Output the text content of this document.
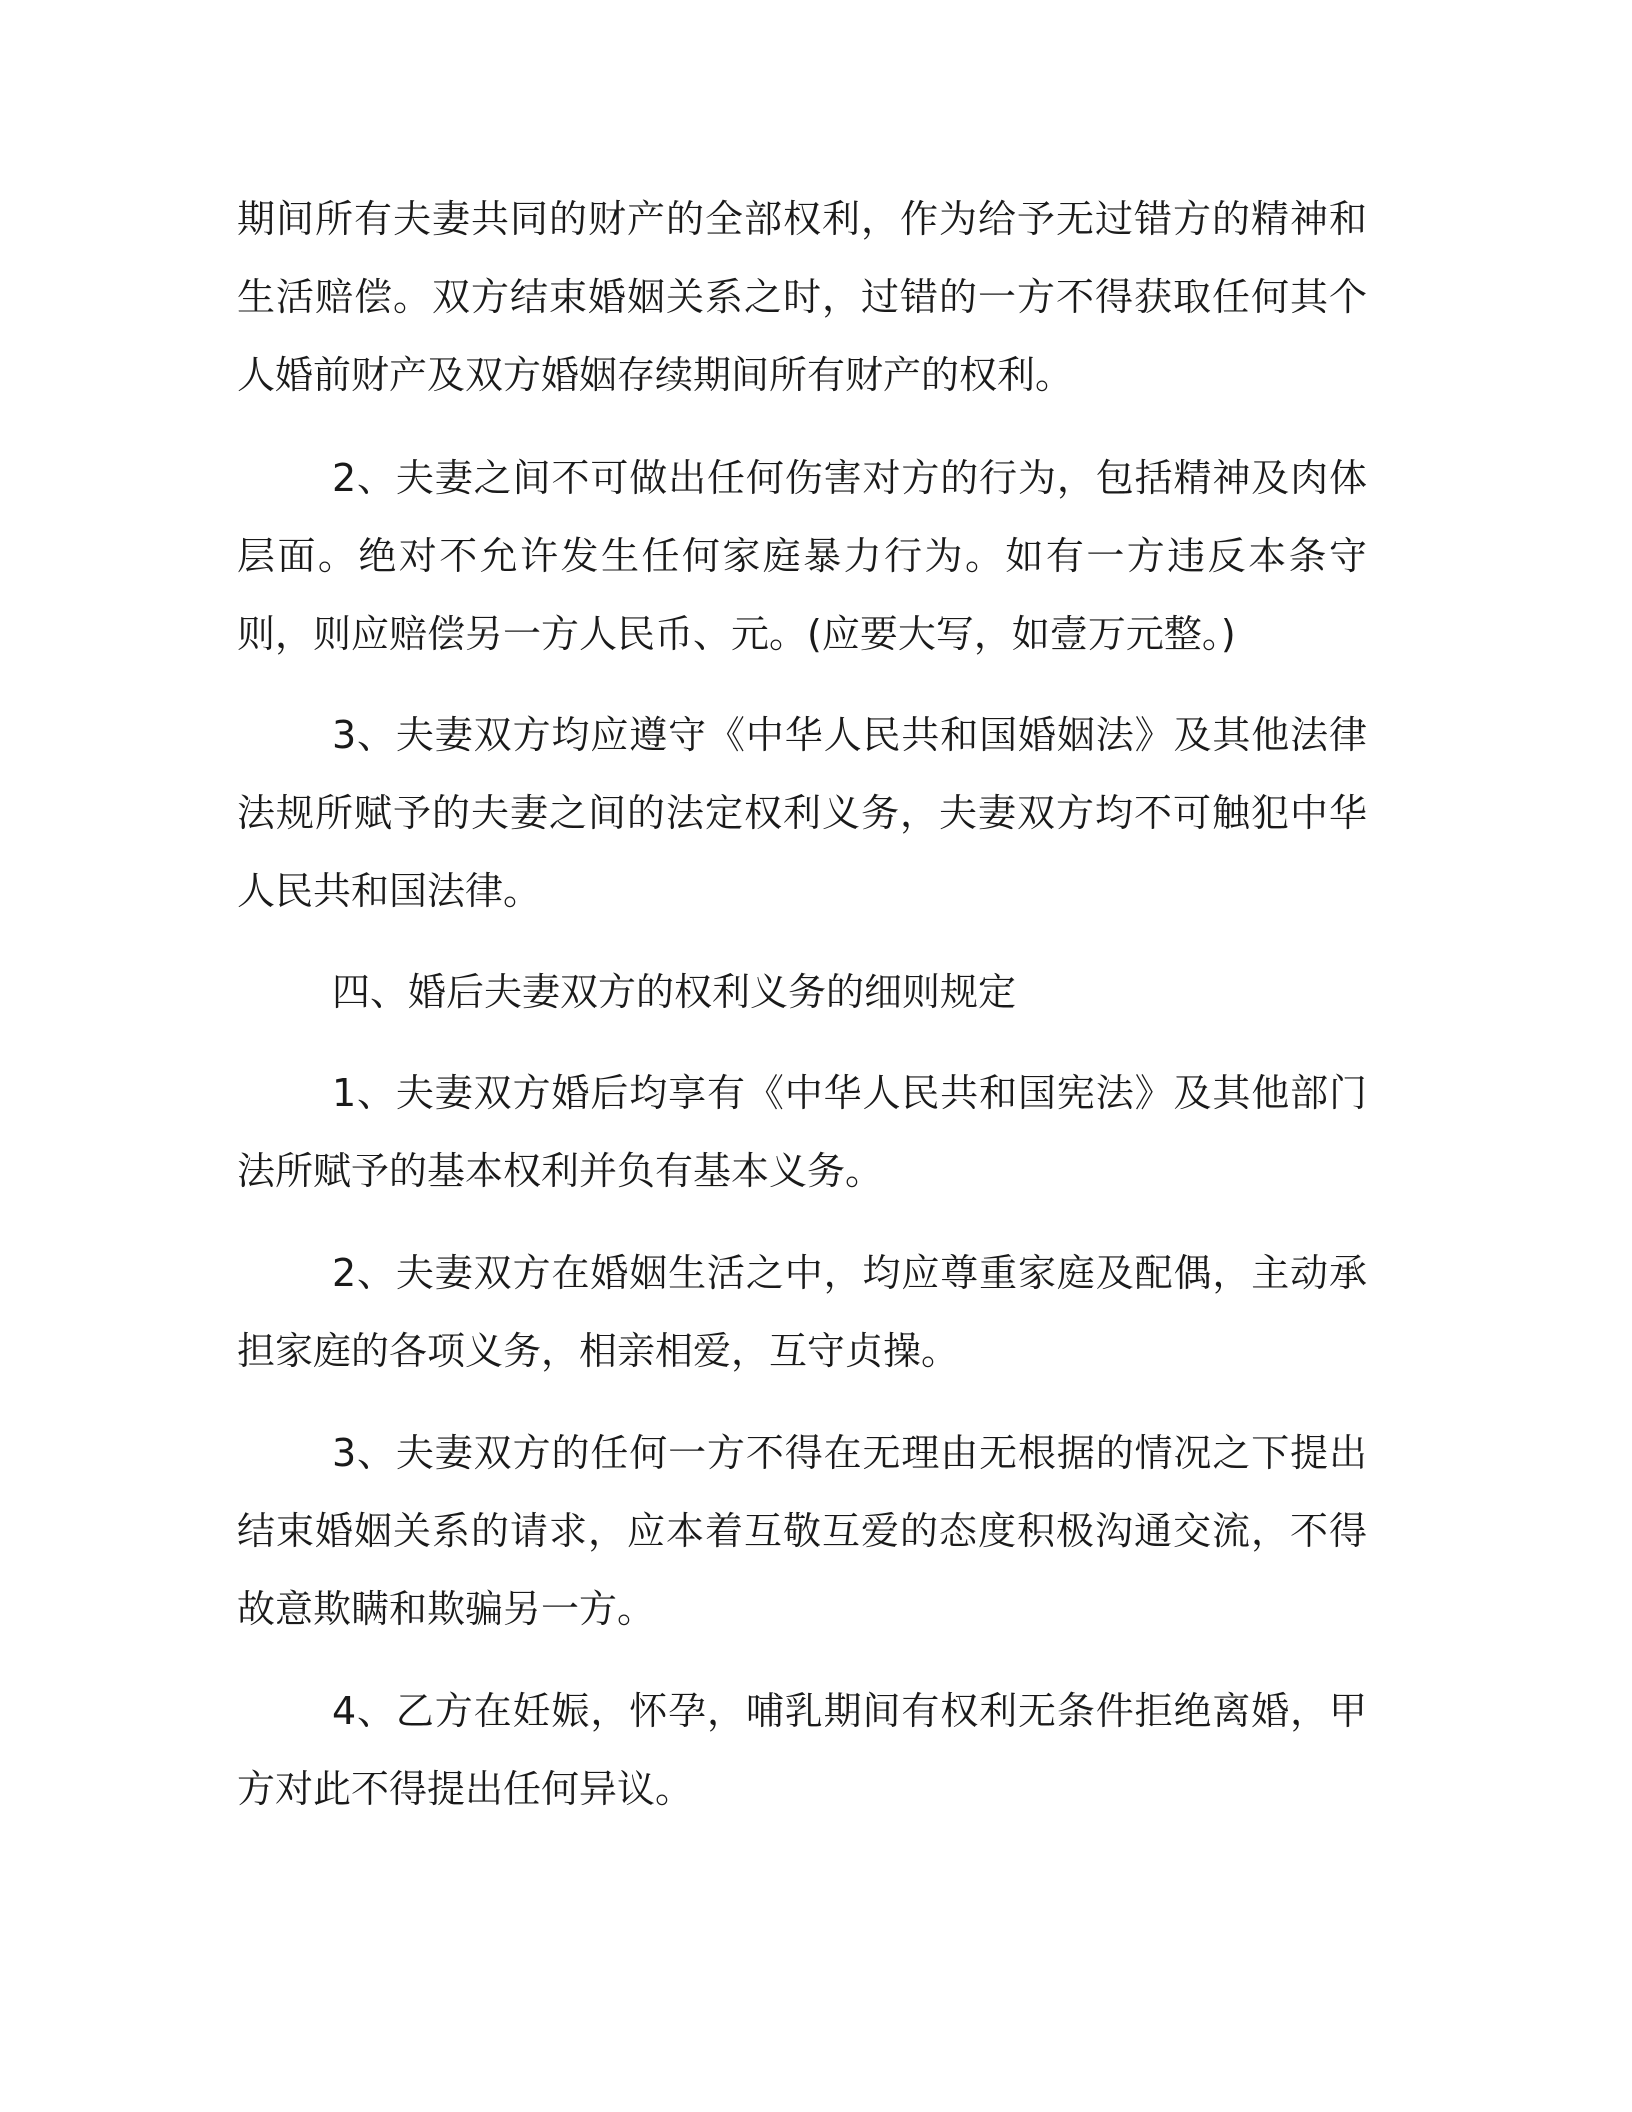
期间所有夫妻共同的财产的全部权利，作为给予无过错方的精神和生活赔偿。双方结束婚姻关系之时，过错的一方不得获取任何其个人婚前财产及双方婚姻存续期间所有财产的权利。

2、夫妻之间不可做出任何伤害对方的行为，包括精神及肉体层面。绝对不允许发生任何家庭暴力行为。如有一方违反本条守则，则应赔偿另一方人民币、元。(应要大写，如壹万元整。)

3、夫妻双方均应遵守《中华人民共和国婚姻法》及其他法律法规所赋予的夫妻之间的法定权利义务，夫妻双方均不可触犯中华人民共和国法律。

四、婚后夫妻双方的权利义务的细则规定

1、夫妻双方婚后均享有《中华人民共和国宪法》及其他部门法所赋予的基本权利并负有基本义务。

2、夫妻双方在婚姻生活之中，均应尊重家庭及配偶，主动承担家庭的各项义务，相亲相爱，互守贞操。

3、夫妻双方的任何一方不得在无理由无根据的情况之下提出结束婚姻关系的请求，应本着互敬互爱的态度积极沟通交流，不得故意欺瞒和欺骗另一方。

4、乙方在妊娠，怀孕，哺乳期间有权利无条件拒绝离婚，甲方对此不得提出任何异议。
